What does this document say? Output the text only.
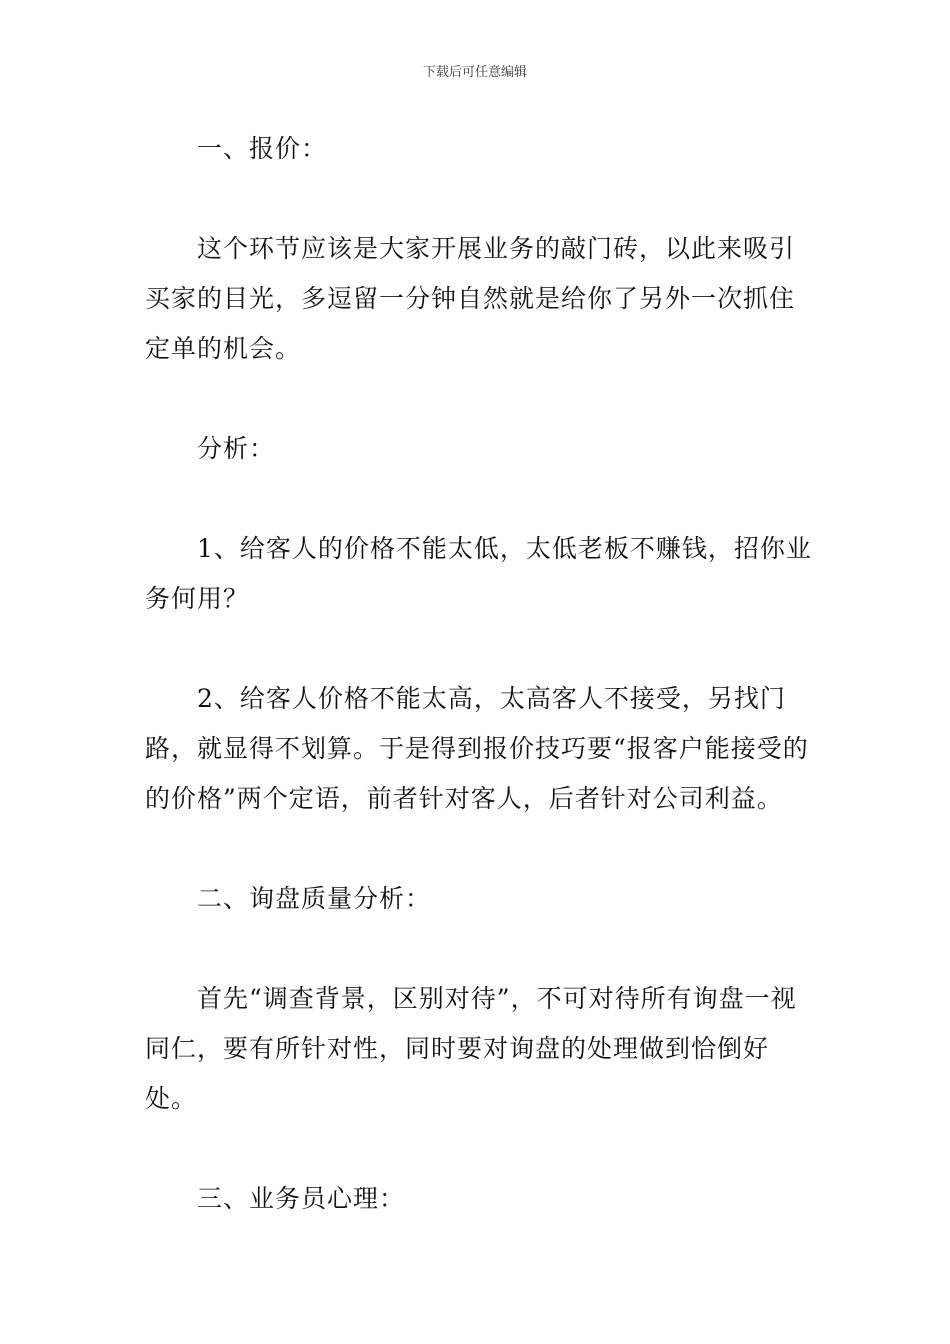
下载后可任意编辑

一、报价：

这个环节应该是大家开展业务的敲门砖，以此来吸引买家的目光，多逗留一分钟自然就是给你了另外一次抓住定单的机会。

分析：

1、给客人的价格不能太低，太低老板不赚钱，招你业务何用？

2、给客人价格不能太高，太高客人不接受，另找门路，就显得不划算。于是得到报价技巧要“报客户能接受的的价格”两个定语，前者针对客人，后者针对公司利益。

二、询盘质量分析：

首先“调查背景，区别对待”，不可对待所有询盘一视同仁，要有所针对性，同时要对询盘的处理做到恰倒好处。

三、业务员心理：
